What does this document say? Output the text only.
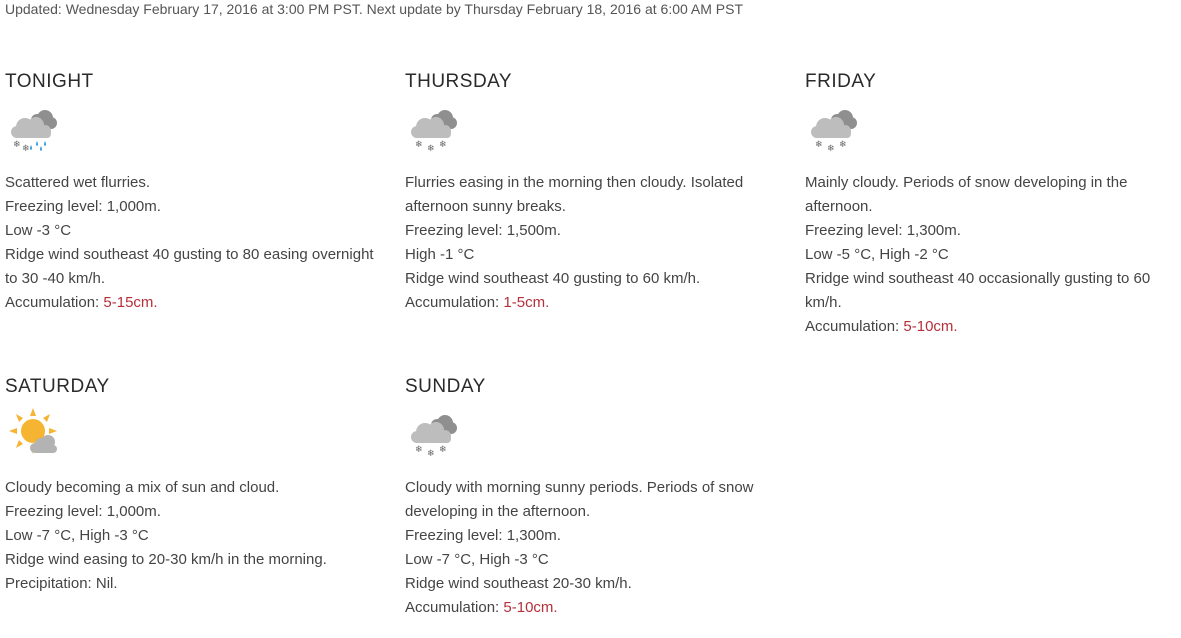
Updated: Wednesday February 17, 2016 at 3:00 PM PST. Next update by Thursday February 18, 2016 at 6:00 AM PST
TONIGHT
❄ ❄
Scattered wet flurries.
Freezing level: 1,000m.
Low -3 °C
Ridge wind southeast 40 gusting to 80 easing overnight to 30 -40 km/h.
Accumulation: 5-15cm.
THURSDAY
❄ ❄ ❄
Flurries easing in the morning then cloudy. Isolated afternoon sunny breaks.
Freezing level: 1,500m.
High -1 °C
Ridge wind southeast 40 gusting to 60 km/h.
Accumulation: 1-5cm.
FRIDAY
❄ ❄ ❄
Mainly cloudy. Periods of snow developing in the afternoon.
Freezing level: 1,300m.
Low -5 °C, High -2 °C
Rridge wind southeast 40 occasionally gusting to 60 km/h.
Accumulation: 5-10cm.
SATURDAY
Cloudy becoming a mix of sun and cloud.
Freezing level: 1,000m.
Low -7 °C, High -3 °C
Ridge wind easing to 20-30 km/h in the morning.
Precipitation: Nil.
SUNDAY
❄ ❄ ❄
Cloudy with morning sunny periods. Periods of snow developing in the afternoon.
Freezing level: 1,300m.
Low -7 °C, High -3 °C
Ridge wind southeast 20-30 km/h.
Accumulation: 5-10cm.
